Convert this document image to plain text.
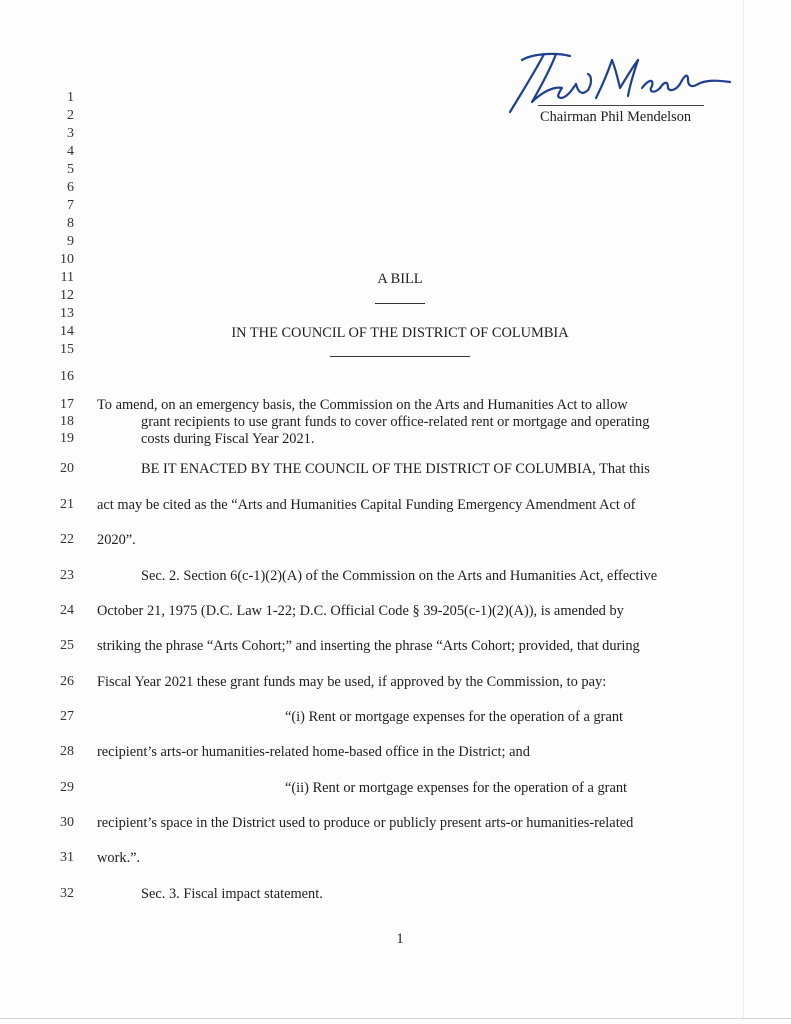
Chairman Phil Mendelson
1
2
3
4
5
6
7
8
9
10
11
12
13
14
15
16
17
18
19
20
21
22
23
24
25
26
27
28
29
30
31
32
A BILL
IN THE COUNCIL OF THE DISTRICT OF COLUMBIA
To amend, on an emergency basis, the Commission on the Arts and Humanities Act to allow
grant recipients to use grant funds to cover office-related rent or mortgage and operating
costs during Fiscal Year 2021.
BE IT ENACTED BY THE COUNCIL OF THE DISTRICT OF COLUMBIA, That this
act may be cited as the “Arts and Humanities Capital Funding Emergency Amendment Act of
2020”.
Sec. 2. Section 6(c-1)(2)(A) of the Commission on the Arts and Humanities Act, effective
October 21, 1975 (D.C. Law 1-22; D.C. Official Code § 39-205(c-1)(2)(A)), is amended by
striking the phrase “Arts Cohort;” and inserting the phrase “Arts Cohort; provided, that during
Fiscal Year 2021 these grant funds may be used, if approved by the Commission, to pay:
“(i) Rent or mortgage expenses for the operation of a grant
recipient’s arts-or humanities-related home-based office in the District; and
“(ii) Rent or mortgage expenses for the operation of a grant
recipient’s space in the District used to produce or publicly present arts-or humanities-related
work.”.
Sec. 3. Fiscal impact statement.
1
